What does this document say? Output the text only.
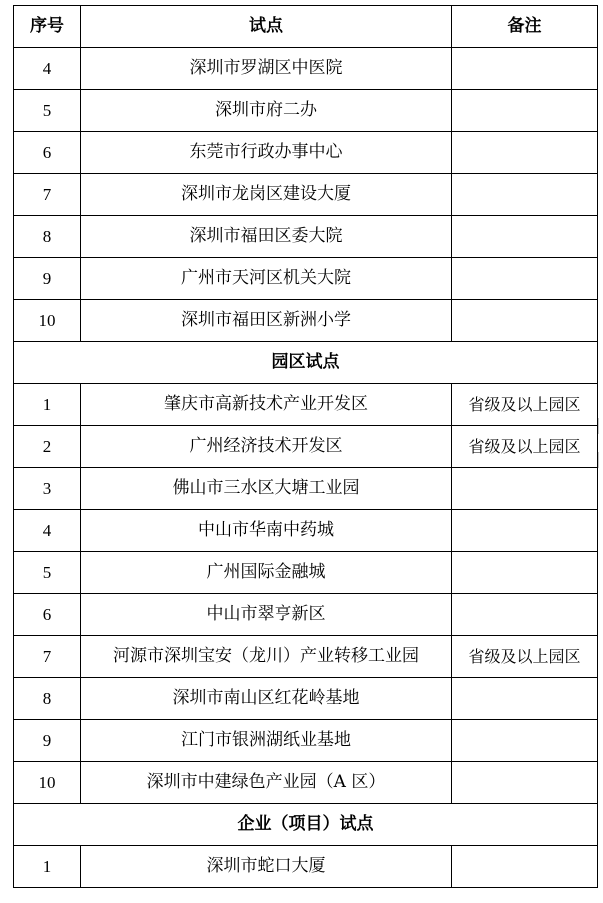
序号	试点	备注
4	深圳市罗湖区中医院	
5	深圳市府二办	
6	东莞市行政办事中心	
7	深圳市龙岗区建设大厦	
8	深圳市福田区委大院	
9	广州市天河区机关大院	
10	深圳市福田区新洲小学	
园区试点		
1	肇庆市高新技术产业开发区	省级及以上园区
2	广州经济技术开发区	省级及以上园区
3	佛山市三水区大塘工业园	
4	中山市华南中药城	
5	广州国际金融城	
6	中山市翠亨新区	
7	河源市深圳宝安（龙川）产业转移工业园	省级及以上园区
8	深圳市南山区红花岭基地	
9	江门市银洲湖纸业基地	
10	深圳市中建绿色产业园（A 区）	
企业（项目）试点		
1	深圳市蛇口大厦	
